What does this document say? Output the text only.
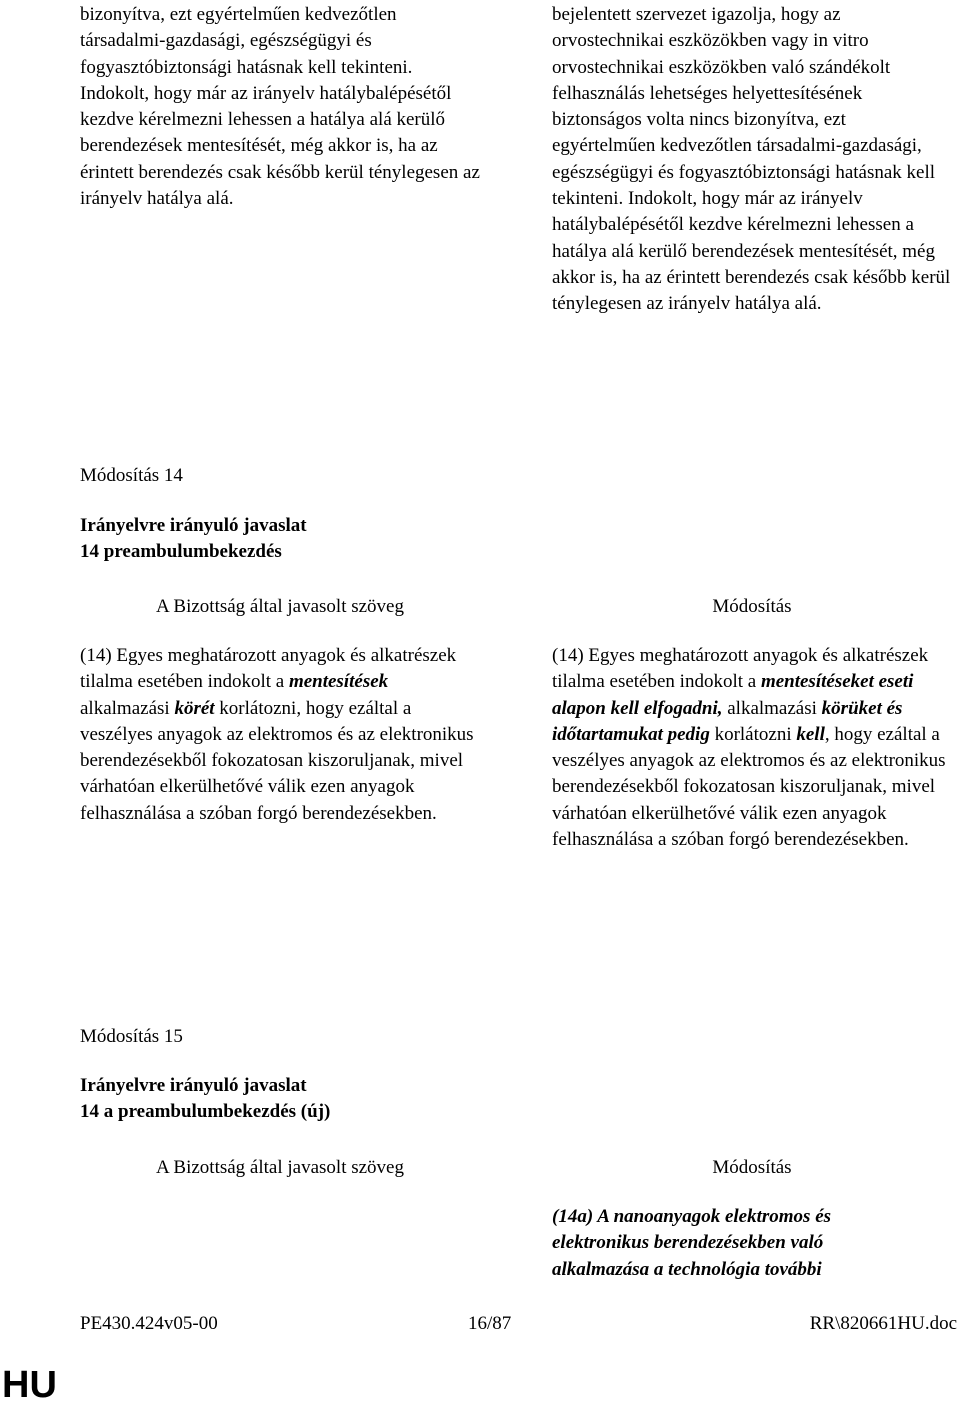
bizonyítva, ezt egyértelműen kedvezőtlen társadalmi-gazdasági, egészségügyi és fogyasztóbiztonsági hatásnak kell tekinteni. Indokolt, hogy már az irányelv hatálybalépésétől kezdve kérelmezni lehessen a hatálya alá kerülő berendezések mentesítését, még akkor is, ha az érintett berendezés csak később kerül ténylegesen az irányelv hatálya alá.
bejelentett szervezet igazolja, hogy az orvostechnikai eszközökben vagy in vitro orvostechnikai eszközökben való szándékolt felhasználás lehetséges helyettesítésének biztonságos volta nincs bizonyítva, ezt egyértelműen kedvezőtlen társadalmi-gazdasági, egészségügyi és fogyasztóbiztonsági hatásnak kell tekinteni. Indokolt, hogy már az irányelv hatálybalépésétől kezdve kérelmezni lehessen a hatálya alá kerülő berendezések mentesítését, még akkor is, ha az érintett berendezés csak később kerül ténylegesen az irányelv hatálya alá.
Módosítás 14
Irányelvre irányuló javaslat
14 preambulumbekezdés
A Bizottság által javasolt szöveg	Módosítás
(14) Egyes meghatározott anyagok és alkatrészek tilalma esetében indokolt a mentesítések alkalmazási körét korlátozni, hogy ezáltal a veszélyes anyagok az elektromos és az elektronikus berendezésekből fokozatosan kiszoruljanak, mivel várhatóan elkerülhetővé válik ezen anyagok felhasználása a szóban forgó berendezésekben.
(14) Egyes meghatározott anyagok és alkatrészek tilalma esetében indokolt a mentesítéseket eseti alapon kell elfogadni, alkalmazási körüket és időtartamukat pedig korlátozni kell, hogy ezáltal a veszélyes anyagok az elektromos és az elektronikus berendezésekből fokozatosan kiszoruljanak, mivel várhatóan elkerülhetővé válik ezen anyagok felhasználása a szóban forgó berendezésekben.
Módosítás 15
Irányelvre irányuló javaslat
14 a preambulumbekezdés (új)
A Bizottság által javasolt szöveg	Módosítás
(14a) A nanoanyagok elektromos és elektronikus berendezésekben való alkalmazása a technológia további
PE430.424v05-00	16/87	RR\820661HU.doc
HU
